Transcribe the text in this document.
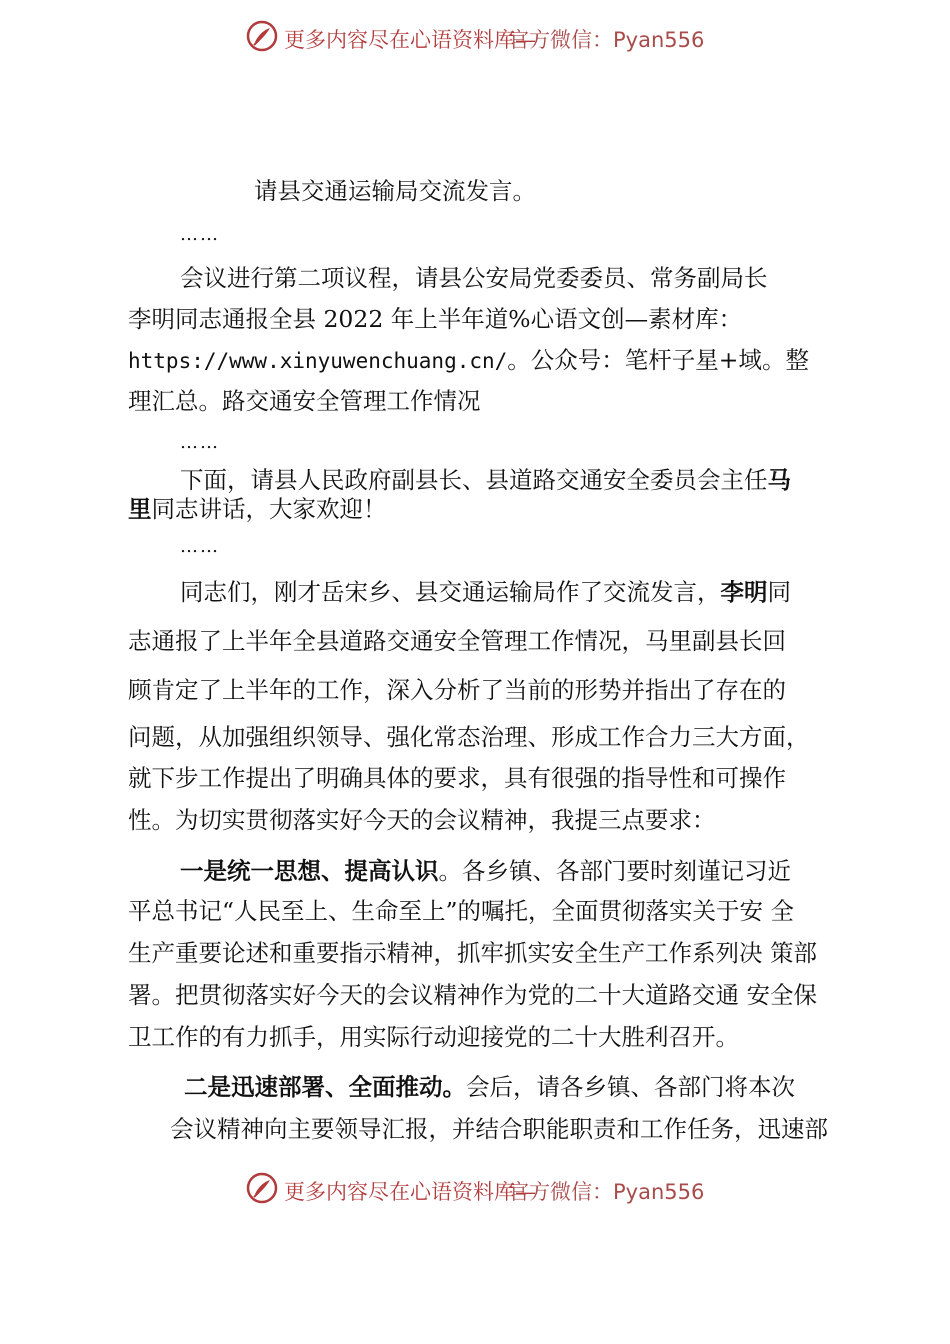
更多内容尽在心语资料库—
官方微信：Pyan556
请县交通运输局交流发言。
……
会议进行第二项议程，请县公安局党委委员、常务副局长
李明同志通报全县 2022 年上半年道%心语文创—素材库：
https://www.xinyuwenchuang.cn/。公众号：笔杆子星+域。整
理汇总。路交通安全管理工作情况
……
下面，请县人民政府副县长、县道路交通安全委员会主任马
里同志讲话，大家欢迎！
……
同志们，刚才岳宋乡、县交通运输局作了交流发言，李明同
志通报了上半年全县道路交通安全管理工作情况，马里副县长回
顾肯定了上半年的工作，深入分析了当前的形势并指出了存在的
问题，从加强组织领导、强化常态治理、形成工作合力三大方面，
就下步工作提出了明确具体的要求，具有很强的指导性和可操作
性。为切实贯彻落实好今天的会议精神，我提三点要求：
一是统一思想、提高认识。各乡镇、各部门要时刻谨记习近
平总书记“人民至上、生命至上”的嘱托，全面贯彻落实关于安 全
生产重要论述和重要指示精神，抓牢抓实安全生产工作系列决 策部
署。把贯彻落实好今天的会议精神作为党的二十大道路交通 安全保
卫工作的有力抓手，用实际行动迎接党的二十大胜利召开。
二是迅速部署、全面推动。会后，请各乡镇、各部门将本次
会议精神向主要领导汇报，并结合职能职责和工作任务，迅速部
更多内容尽在心语资料库—
官方微信：Pyan556
